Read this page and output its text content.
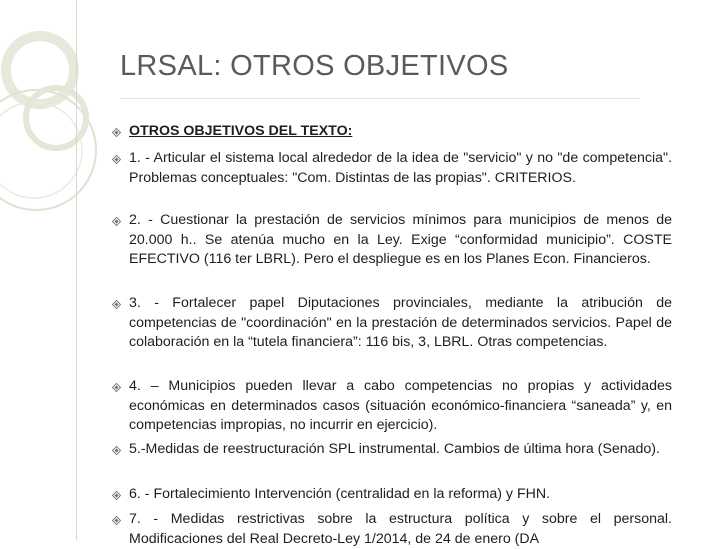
LRSAL: OTROS OBJETIVOS
OTROS OBJETIVOS DEL TEXTO:
1. - Articular el sistema local alrededor de la idea de "servicio" y no "de competencia". Problemas conceptuales: "Com. Distintas de las propias". CRITERIOS.
2. - Cuestionar la prestación de servicios mínimos para municipios de menos de 20.000 h.. Se atenúa mucho en la Ley. Exige “conformidad municipio”. COSTE EFECTIVO (116 ter LBRL). Pero el despliegue es en los Planes Econ. Financieros.
3. - Fortalecer papel Diputaciones provinciales, mediante la atribución de competencias de "coordinación" en la prestación de determinados servicios. Papel de colaboración en la “tutela financiera”: 116 bis, 3, LBRL. Otras competencias.
4. – Municipios pueden llevar a cabo competencias no propias y actividades económicas en determinados casos (situación económico-financiera “saneada” y, en competencias impropias, no incurrir en ejercicio).
5.-Medidas de reestructuración SPL instrumental. Cambios de última hora (Senado).
6. - Fortalecimiento Intervención (centralidad en la reforma) y FHN.
7. - Medidas restrictivas sobre la estructura política y sobre el personal. Modificaciones del Real Decreto-Ley 1/2014, de 24 de enero (DA
